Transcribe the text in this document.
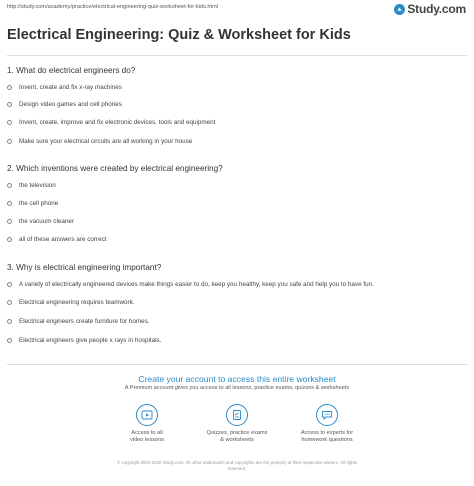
http://study.com/academy/practice/electrical-engineering-quiz-worksheet-for-kids.html	Study.com
Electrical Engineering: Quiz & Worksheet for Kids
1. What do electrical engineers do?
Invent, create and fix x-ray machines
Design video games and cell phones
Invent, create, improve and fix electronic devices, tools and equipment
Make sure your electrical circuits are all working in your house
2. Which inventions were created by electrical engineering?
the television
the cell phone
the vacuum cleaner
all of these answers are correct
3. Why is electrical engineering important?
A variety of electrically engineered devices make things easier to do, keep you healthy, keep you safe and help you to have fun.
Electrical engineering requires teamwork.
Electrical engineers create furniture for homes.
Electrical engineers give people x rays in hospitals.
Create your account to access this entire worksheet
A Premium account gives you access to all lessons, practice exams, quizzes & worksheets
Access to all
video lessons
Quizzes, practice exams
& worksheets
Access to experts for
homework questions
© copyright 2003-2020 Study.com. All other trademarks and copyrights are the property of their respective owners. All rights
reserved.
